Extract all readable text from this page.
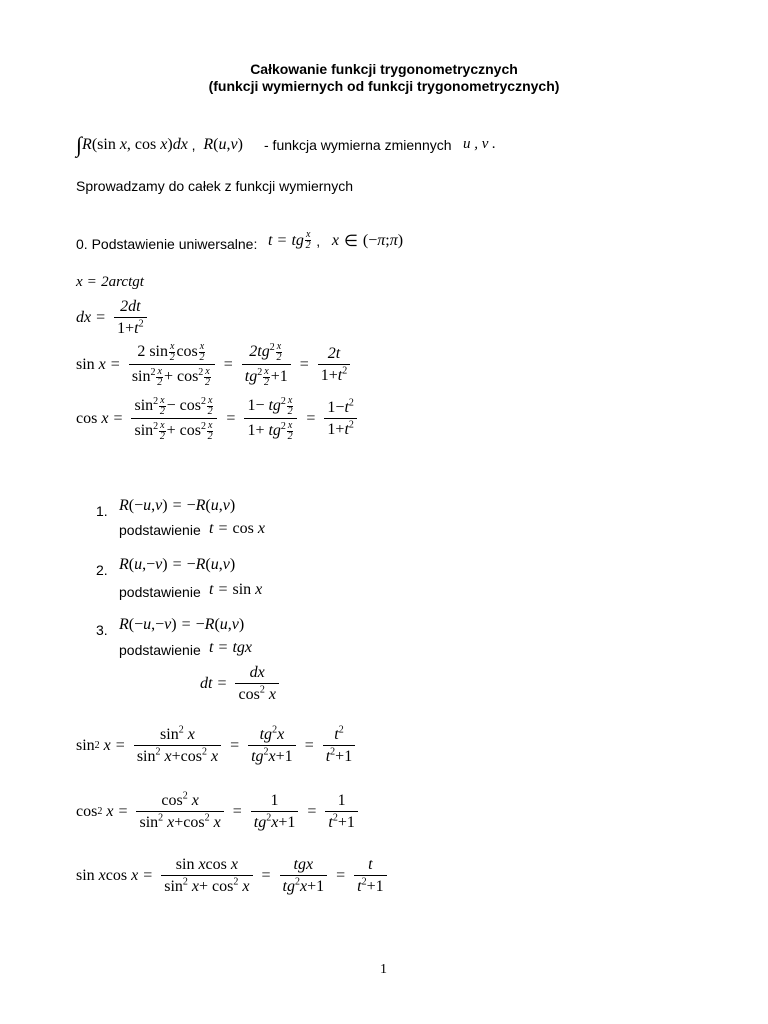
Całkowanie funkcji trygonometrycznych
(funkcji wymiernych od funkcji trygonometrycznych)
∫ R (sin x , cos x ) dx , R ( u , v ) - funkcja wymierna zmiennych u , v .
Sprowadzamy do całek z funkcji wymiernych
0. Podstawienie uniwersalne: t = tg x
2 , x ∈ ( − π ; π )
x = 2arctgt
dx = $\frac{2dt}{1+t^2}$
$\sin x = \frac{2 \sin \frac{x}{2} \cos \frac{x}{2}}{\sin^2 \frac{x}{2} + \cos^2 \frac{x}{2}} = \frac{2tg^2 \frac{x}{2}}{tg^2 \frac{x}{2} +1} = \frac{2t}{1+t^2}$
$\cos x = \frac{\sin^2 \frac{x}{2} - \cos^2 \frac{x}{2}}{\sin^2 \frac{x}{2} + \cos^2 \frac{x}{2}} = \frac{1- tg^2 \frac{x}{2}}{1+ tg^2 \frac{x}{2}} = \frac{1-t^2}{1+t^2}$
1. R (− u , v ) = − R ( u , v )
podstawienie t = cos x
2. R ( u ,− v ) = − R ( u , v )
podstawienie t = sin x
3. R (− u ,− v ) = − R ( u , v )
podstawienie t = tgx
dt = $\frac{dx}{\cos^2 x}$
sin 2 $x = \frac{\sin^2 x}{\sin^2 x+\cos^2 x} = \frac{tg^2x}{tg^2x+1} = \frac{t^2}{t^2+1}$
cos 2 $x = \frac{\cos^2 x}{\sin^2 x+\cos^2 x} = \frac{1}{tg^2x+1} = \frac{1}{t^2+1}$
sin x $\cos x = \frac{\text{sin xcos x}}{\sin^2 x+ \cos^2 x} = \frac{\text{tgx}}{tg^2x+1} = \frac{t}{t^2+1}$
1
